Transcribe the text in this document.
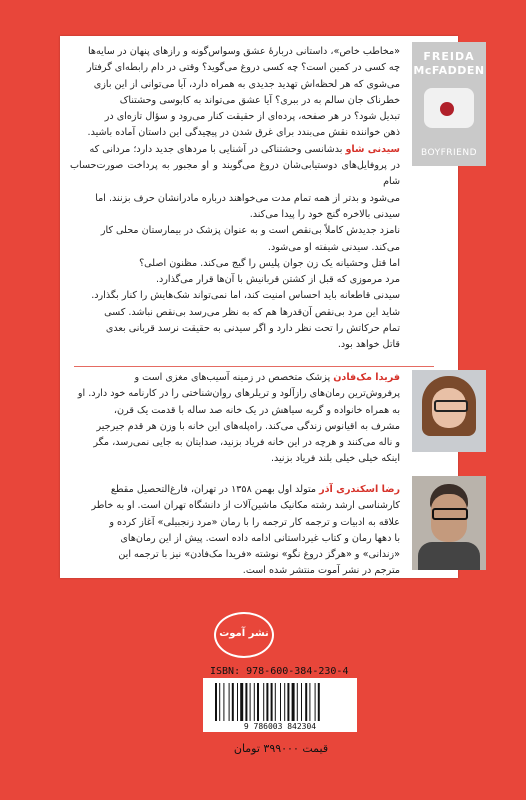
«مخاطب خاص»، داستانی دربارهٔ عشق وسواس‌گونه و رازهای پنهان در سایه‌ها

چه کسی در کمین است؟ چه کسی دروغ می‌گوید؟ وقتی در دام رابطه‌ای گرفتار

می‌شوی که هر لحظه‌اش تهدید جدیدی به همراه دارد، آیا می‌توانی از این بازی

خطرناک جان سالم به در ببری؟ آیا عشق می‌تواند به کابوسی وحشتناک

تبدیل شود؟ در هر صفحه، پرده‌ای از حقیقت کنار می‌رود و سؤال تازه‌ای در

ذهن خواننده نقش می‌بندد برای غرق شدن در پیچیدگی این داستان آماده باشید.

سیدنی شاو بدشانسی وحشتناکی در آشنایی با مردهای جدید دارد؛ مردانی که

در پروفایل‌های دوستیابی‌شان دروغ می‌گویند و او مجبور به پرداخت صورت‌حساب شام

می‌شود و بدتر از همه تمام مدت می‌خواهند درباره مادرانشان حرف بزنند. اما

سیدنی بالاخره گنج خود را پیدا می‌کند.

نامزد جدیدش کاملاً بی‌نقص است و به عنوان پزشک در بیمارستان محلی کار

می‌کند. سیدنی شیفته او می‌شود.

اما قتل وحشیانه یک زن جوان پلیس را گیج می‌کند. مظنون اصلی؟

مرد مرموزی که قبل از کشتن قربانیش با آن‌ها قرار می‌گذارد.

سیدنی قاطعانه باید احساس امنیت کند، اما نمی‌تواند شک‌هایش را کنار بگذارد.

شاید این مرد بی‌نقص آن‌قدرها هم که به نظر می‌رسد بی‌نقص نباشد. کسی

تمام حرکاتش را تحت نظر دارد و اگر سیدنی به حقیقت نرسد قربانی بعدی

قاتل خواهد بود.

FREIDA
McFADDEN
BOYFRIEND

فریدا مک‌فادن پزشک متخصص در زمینه آسیب‌های مغزی است و

پرفروش‌ترین رمان‌های رازآلود و تریلرهای روان‌شناختی را در کارنامه خود دارد. او

به همراه خانواده و گربه سیاهش در یک خانه صد ساله با قدمت یک قرن،

مشرف به اقیانوس زندگی می‌کند. راه‌پله‌های این خانه با وزن هر قدم جیرجیر

و ناله می‌کنند و هرچه در این خانه فریاد بزنید، صدایتان به جایی نمی‌رسد، مگر

اینکه خیلی خیلی بلند فریاد بزنید.

رضا اسکندری آذر متولد اول بهمن ۱۳۵۸ در تهران، فارغ‌التحصیل مقطع

کارشناسی ارشد رشته مکانیک ماشین‌آلات از دانشگاه تهران است. او به خاطر

علاقه به ادبیات و ترجمه کار ترجمه را با رمان «مرد زنجبیلی» آغاز کرده و

با دهها رمان و کتاب غیرداستانی ادامه داده است. پیش از این رمان‌های

«زندانی» و «هرگز دروغ نگو» نوشته «فریدا مک‌فادن» نیز با ترجمه این

مترجم در نشر آموت منتشر شده است.

نشر آموت
ISBN: 978-600-384-230-4
9 786003 842304
قیمت ۳۹۹۰۰۰ تومان
